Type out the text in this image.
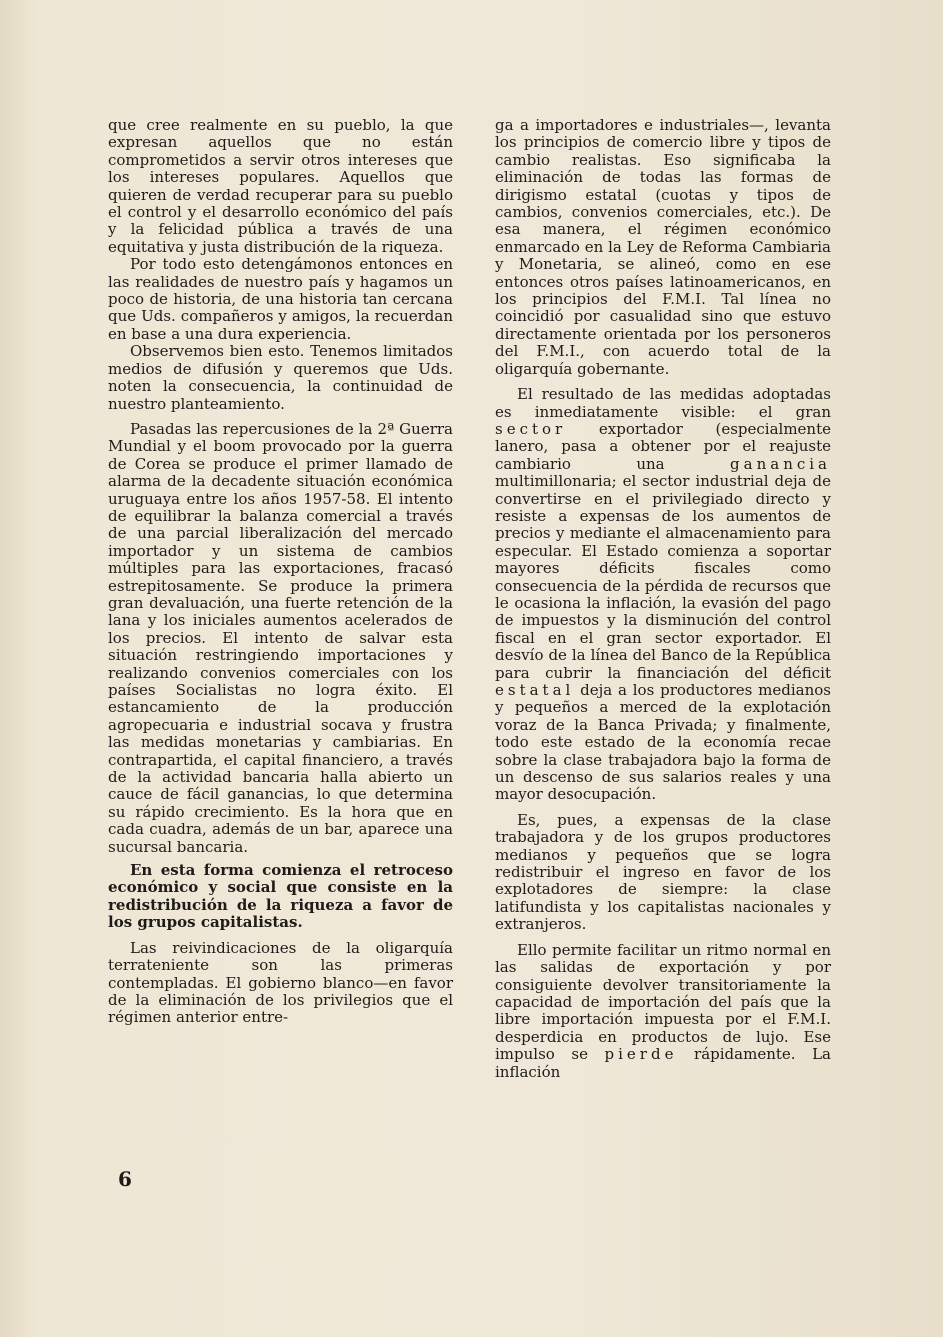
que cree realmente en su pueblo, la que expresan aquellos que no están comprometidos a servir otros intereses que los intereses populares. Aquellos que quieren de verdad recuperar para su pueblo el control y el desarrollo económico del país y la felicidad pública a través de una equitativa y justa distribución de la riqueza.

Por todo esto detengámonos entonces en las realidades de nuestro país y hagamos un poco de historia, de una historia tan cercana que Uds. compañeros y amigos, la recuerdan en base a una dura experiencia.

Observemos bien esto. Tenemos limitados medios de difusión y queremos que Uds. noten la consecuencia, la continuidad de nuestro planteamiento.

Pasadas las repercusiones de la 2ª Guerra Mundial y el boom provocado por la guerra de Corea se produce el primer llamado de alarma de la decadente situación económica uruguaya entre los años 1957-58. El intento de equilibrar la balanza comercial a través de una parcial liberalización del mercado importador y un sistema de cambios múltiples para las exportaciones, fracasó estrepitosamente. Se produce la primera gran devaluación, una fuerte retención de la lana y los iniciales aumentos acelerados de los precios. El intento de salvar esta situación restringiendo importaciones y realizando convenios comerciales con los países Socialistas no logra éxito. El estancamiento de la producción agropecuaria e industrial socava y frustra las medidas monetarias y cambiarias. En contrapartida, el capital financiero, a través de la actividad bancaria halla abierto un cauce de fácil ganancias, lo que determina su rápido crecimiento. Es la hora que en cada cuadra, además de un bar, aparece una sucursal bancaria.

En esta forma comienza el retroceso económico y social que consiste en la redistribución de la riqueza a favor de los grupos capitalistas.

Las reivindicaciones de la oligarquía terrateniente son las primeras contempladas. El gobierno blanco—en favor de la eliminación de los privilegios que el régimen anterior entre-

ga a importadores e industriales—, levanta los principios de comercio libre y tipos de cambio realistas. Eso significaba la eliminación de todas las formas de dirigismo estatal (cuotas y tipos de cambios, convenios comerciales, etc.). De esa manera, el régimen económico enmarcado en la Ley de Reforma Cambiaria y Monetaria, se alineó, como en ese entonces otros países latinoamericanos, en los principios del F.M.I. Tal línea no coincidió por casualidad sino que estuvo directamente orientada por los personeros del F.M.I., con acuerdo total de la oligarquía gobernante.

El resultado de las medidas adoptadas es inmediatamente visible: el gran sector exportador (especialmente lanero, pasa a obtener por el reajuste cambiario una ganancia multimillonaria; el sector industrial deja de convertirse en el privilegiado directo y resiste a expensas de los aumentos de precios y mediante el almacenamiento para especular. El Estado comienza a soportar mayores déficits fiscales como consecuencia de la pérdida de recursos que le ocasiona la inflación, la evasión del pago de impuestos y la disminución del control fiscal en el gran sector exportador. El desvío de la línea del Banco de la República para cubrir la financiación del déficit estatal deja a los productores medianos y pequeños a merced de la explotación voraz de la Banca Privada; y finalmente, todo este estado de la economía recae sobre la clase trabajadora bajo la forma de un descenso de sus salarios reales y una mayor desocupación.

Es, pues, a expensas de la clase trabajadora y de los grupos productores medianos y pequeños que se logra redistribuir el ingreso en favor de los explotadores de siempre: la clase latifundista y los capitalistas nacionales y extranjeros.

Ello permite facilitar un ritmo normal en las salidas de exportación y por consiguiente devolver transitoriamente la capacidad de importación del país que la libre importación impuesta por el F.M.I. desperdicia en productos de lujo. Ese impulso se pierde rápidamente. La inflación

6
